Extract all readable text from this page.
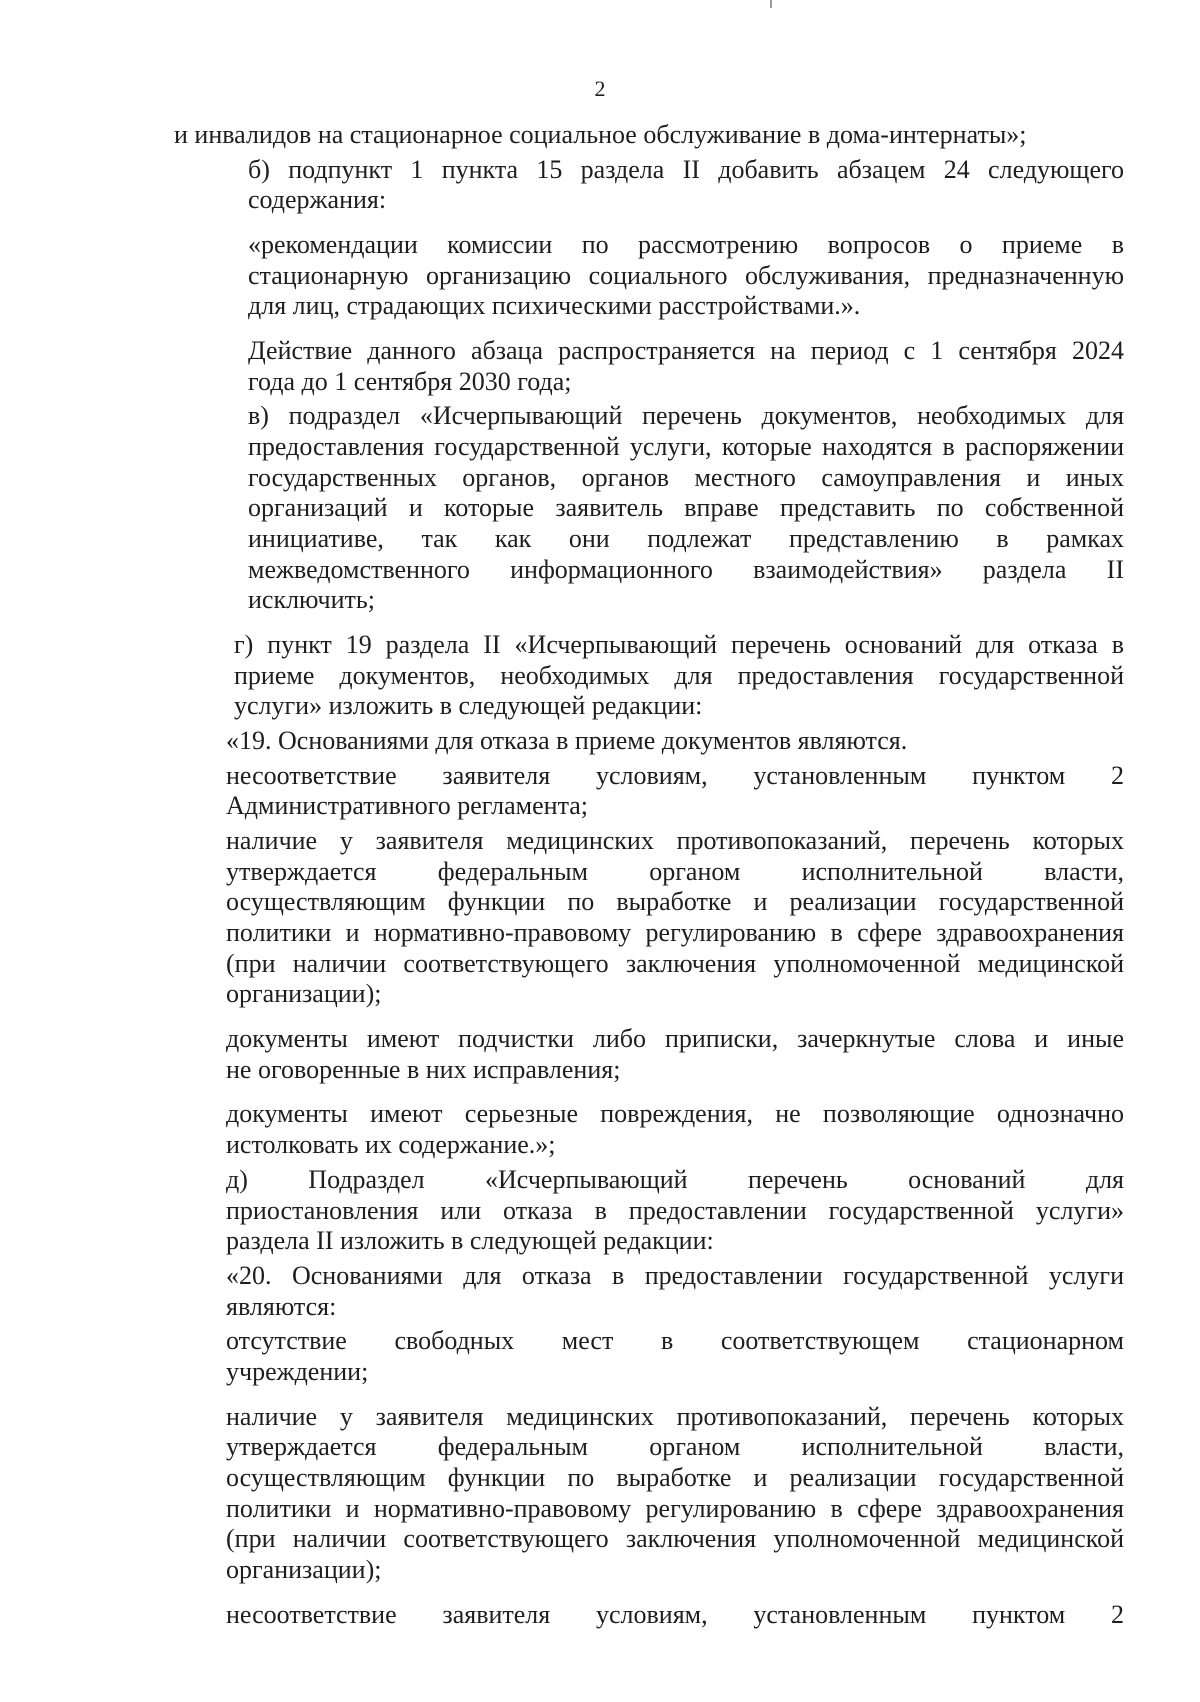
2

и инвалидов на стационарное социальное обслуживание в дома-интернаты»;

б) подпункт 1 пункта 15 раздела II добавить абзацем 24 следующего
содержания:

«рекомендации комиссии по рассмотрению вопросов о приеме в
стационарную организацию социального обслуживания, предназначенную
для лиц, страдающих психическими расстройствами.».

Действие данного абзаца распространяется на период с 1 сентября 2024
года до 1 сентября 2030 года;

в) подраздел «Исчерпывающий перечень документов, необходимых для
предоставления государственной услуги, которые находятся в распоряжении
государственных органов, органов местного самоуправления и иных
организаций и которые заявитель вправе представить по собственной
инициативе, так как они подлежат представлению в рамках
межведомственного информационного взаимодействия» раздела II
исключить;

г) пункт 19 раздела II «Исчерпывающий перечень оснований для отказа в
приеме документов, необходимых для предоставления государственной
услуги» изложить в следующей редакции:

«19. Основаниями для отказа в приеме документов являются.

несоответствие заявителя условиям, установленным пунктом 2
Административного регламента;

наличие у заявителя медицинских противопоказаний, перечень которых
утверждается федеральным органом исполнительной власти,
осуществляющим функции по выработке и реализации государственной
политики и нормативно-правовому регулированию в сфере здравоохранения
(при наличии соответствующего заключения уполномоченной медицинской
организации);

документы имеют подчистки либо приписки, зачеркнутые слова и иные
не оговоренные в них исправления;

документы имеют серьезные повреждения, не позволяющие однозначно
истолковать их содержание.»;

д) Подраздел «Исчерпывающий перечень оснований для
приостановления или отказа в предоставлении государственной услуги»
раздела II изложить в следующей редакции:

«20. Основаниями для отказа в предоставлении государственной услуги
являются:

отсутствие свободных мест в соответствующем стационарном
учреждении;

наличие у заявителя медицинских противопоказаний, перечень которых
утверждается федеральным органом исполнительной власти,
осуществляющим функции по выработке и реализации государственной
политики и нормативно-правовому регулированию в сфере здравоохранения
(при наличии соответствующего заключения уполномоченной медицинской
организации);

несоответствие заявителя условиям, установленным пунктом 2
